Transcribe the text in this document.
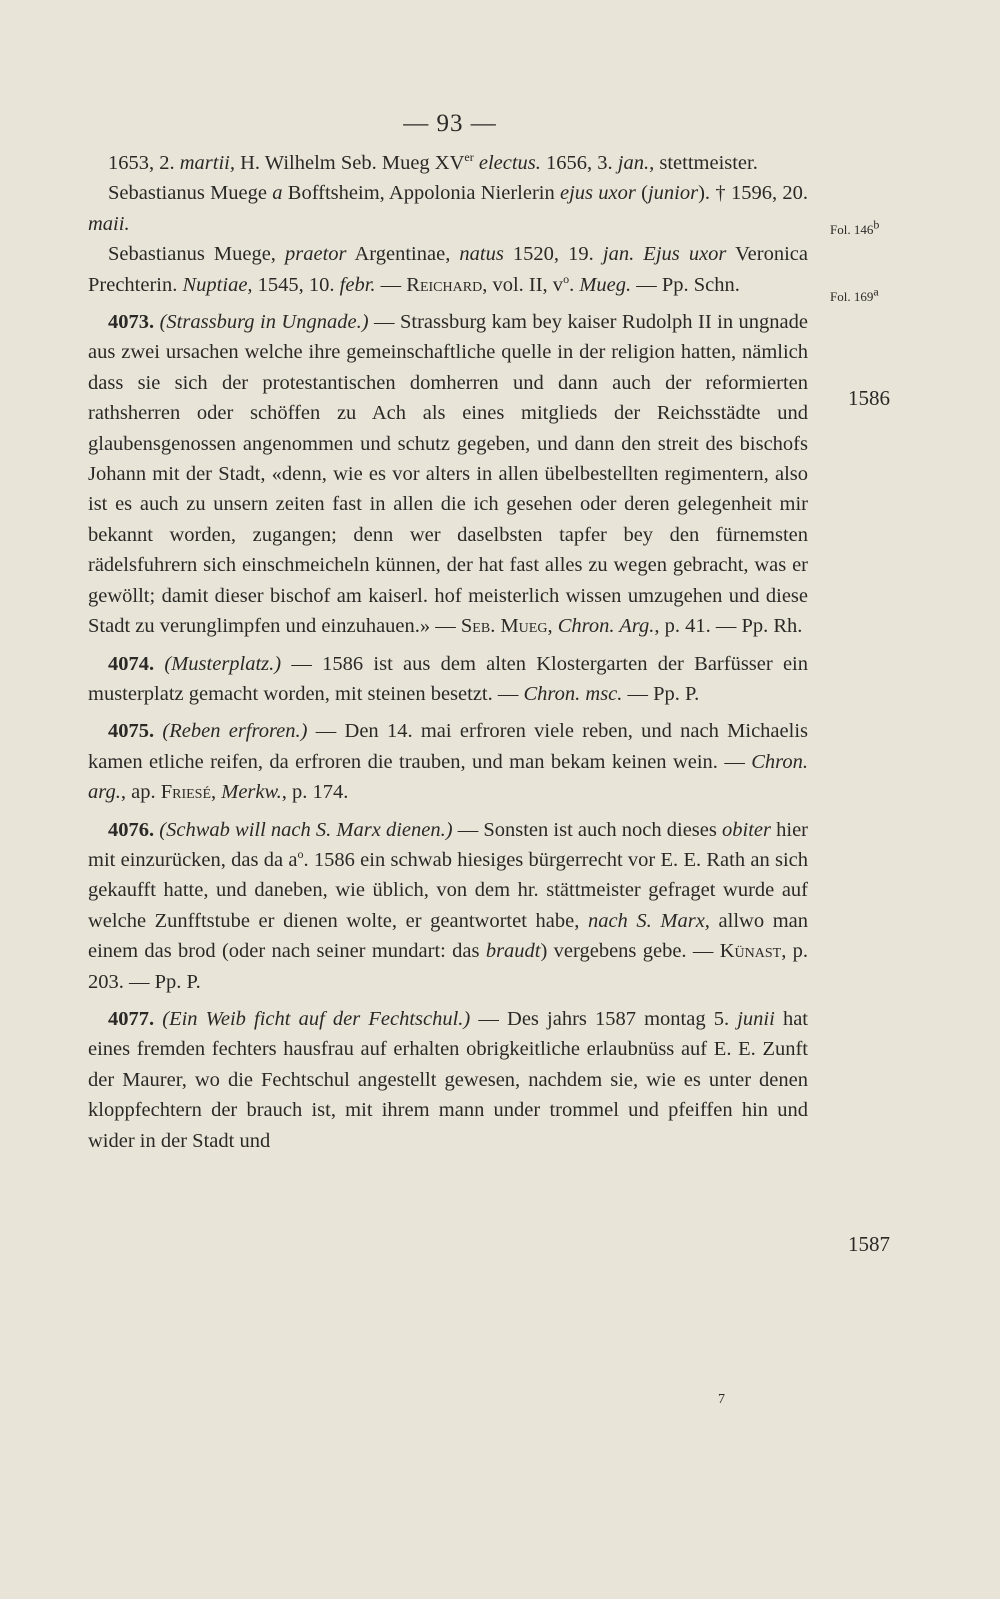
— 93 —

1653, 2. martii, H. Wilhelm Seb. Mueg XVer electus. 1656, 3. jan., stettmeister.

Sebastianus Muege a Bofftsheim, Appolonia Nierlerin ejus uxor (junior). † 1596, 20. maii.

Sebastianus Muege, praetor Argentinae, natus 1520, 19. jan. Ejus uxor Veronica Prechterin. Nuptiae, 1545, 10. febr. — Reichard, vol. II, $v^o$. Mueg. — Pp. Schn.

4073. (Strassburg in Ungnade.) — Strassburg kam bey kaiser Rudolph II in ungnade aus zwei ursachen welche ihre gemeinschaftliche quelle in der religion hatten, nämlich dass sie sich der protestantischen domherren und dann auch der reformierten rathsherren oder schöffen zu Ach als eines mitglieds der Reichsstädte und glaubensgenossen angenommen und schutz gegeben, und dann den streit des bischofs Johann mit der Stadt, «denn, wie es vor alters in allen übelbestellten regimentern, also ist es auch zu unsern zeiten fast in allen die ich gesehen oder deren gelegenheit mir bekannt worden, zugangen; denn wer daselbsten tapfer bey den fürnemsten rädelsfuhrern sich einschmeicheln künnen, der hat fast alles zu wegen gebracht, was er gewöllt; damit dieser bischof am kaiserl. hof meisterlich wissen umzugehen und diese Stadt zu verunglimpfen und einzuhauen.» — Seb. Mueg, Chron. Arg., p. 41. — Pp. Rh.

4074. (Musterplatz.) — 1586 ist aus dem alten Klostergarten der Barfüsser ein musterplatz gemacht worden, mit steinen besetzt. — Chron. msc. — Pp. P.

4075. (Reben erfroren.) — Den 14. mai erfroren viele reben, und nach Michaelis kamen etliche reifen, da erfroren die trauben, und man bekam keinen wein. — Chron. arg., ap. Friesé, Merkw., p. 174.

4076. (Schwab will nach S. Marx dienen.) — Sonsten ist auch noch dieses obiter hier mit einzurücken, das da $a^o$. 1586 ein schwab hiesiges bürgerrecht vor E. E. Rath an sich gekaufft hatte, und daneben, wie üblich, von dem hr. stättmeister gefraget wurde auf welche Zunfftstube er dienen wolte, er geantwortet habe, nach S. Marx, allwo man einem das brod (oder nach seiner mundart: das braudt) vergebens gebe. — Künast, p. 203. — Pp. P.

4077. (Ein Weib ficht auf der Fechtschul.) — Des jahrs 1587 montag 5. junii hat eines fremden fechters hausfrau auf erhalten obrigkeitliche erlaubnüss auf E. E. Zunft der Maurer, wo die Fechtschul angestellt gewesen, nachdem sie, wie es unter denen kloppfechtern der brauch ist, mit ihrem mann under trommel und pfeiffen hin und wider in der Stadt und

Fol. 146$^b$
Fol. 169$^a$
1586
1587
7
